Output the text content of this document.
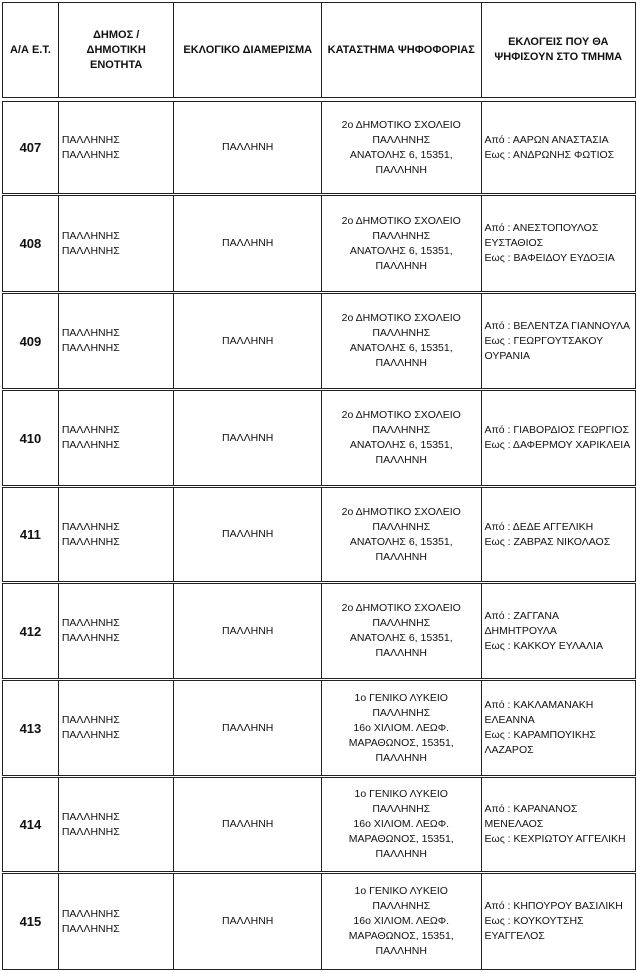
Α/Α Ε.Τ.
ΔΗΜΟΣ / ΔΗΜΟΤΙΚΗ ΕΝΟΤΗΤΑ
ΕΚΛΟΓΙΚΟ ΔΙΑΜΕΡΙΣΜΑ	ΚΑΤΑΣΤΗΜΑ ΨΗΦΟΦΟΡΙΑΣ
ΕΚΛΟΓΕΙΣ ΠΟΥ ΘΑ ΨΗΦΙΣΟΥΝ ΣΤΟ ΤΜΗΜΑ
407
ΠΑΛΛΗΝΗΣ
ΠΑΛΛΗΝΗΣ
ΠΑΛΛΗΝΗ
2ο ΔΗΜΟΤΙΚΟ ΣΧΟΛΕΙΟ
ΠΑΛΛΗΝΗΣ
ΑΝΑΤΟΛΗΣ 6, 15351,
ΠΑΛΛΗΝΗ
Από : ΑΑΡΩΝ ΑΝΑΣΤΑΣΙΑ
Εως : ΑΝΔΡΩΝΗΣ ΦΩΤΙΟΣ
408
ΠΑΛΛΗΝΗΣ
ΠΑΛΛΗΝΗΣ
ΠΑΛΛΗΝΗ
2ο ΔΗΜΟΤΙΚΟ ΣΧΟΛΕΙΟ
ΠΑΛΛΗΝΗΣ
ΑΝΑΤΟΛΗΣ 6, 15351,
ΠΑΛΛΗΝΗ
Από : ΑΝΕΣΤΟΠΟΥΛΟΣ
ΕΥΣΤΑΘΙΟΣ
Εως : ΒΑΦΕΙΔΟΥ ΕΥΔΟΞΙΑ
409
ΠΑΛΛΗΝΗΣ
ΠΑΛΛΗΝΗΣ
ΠΑΛΛΗΝΗ
2ο ΔΗΜΟΤΙΚΟ ΣΧΟΛΕΙΟ
ΠΑΛΛΗΝΗΣ
ΑΝΑΤΟΛΗΣ 6, 15351,
ΠΑΛΛΗΝΗ
Από : ΒΕΛΕΝΤΖΑ ΓΙΑΝΝΟΥΛΑ
Εως : ΓΕΩΡΓΟΥΤΣΑΚΟΥ
ΟΥΡΑΝΙΑ
410
ΠΑΛΛΗΝΗΣ
ΠΑΛΛΗΝΗΣ
ΠΑΛΛΗΝΗ
2ο ΔΗΜΟΤΙΚΟ ΣΧΟΛΕΙΟ
ΠΑΛΛΗΝΗΣ
ΑΝΑΤΟΛΗΣ 6, 15351,
ΠΑΛΛΗΝΗ
Από : ΓΙΑΒΟΡΔΙΟΣ ΓΕΩΡΓΙΟΣ
Εως : ΔΑΦΕΡΜΟΥ ΧΑΡΙΚΛΕΙΑ
411
ΠΑΛΛΗΝΗΣ
ΠΑΛΛΗΝΗΣ
ΠΑΛΛΗΝΗ
2ο ΔΗΜΟΤΙΚΟ ΣΧΟΛΕΙΟ
ΠΑΛΛΗΝΗΣ
ΑΝΑΤΟΛΗΣ 6, 15351,
ΠΑΛΛΗΝΗ
Από : ΔΕΔΕ ΑΓΓΕΛΙΚΗ
Εως : ΖΑΒΡΑΣ ΝΙΚΟΛΑΟΣ
412
ΠΑΛΛΗΝΗΣ
ΠΑΛΛΗΝΗΣ
ΠΑΛΛΗΝΗ
2ο ΔΗΜΟΤΙΚΟ ΣΧΟΛΕΙΟ
ΠΑΛΛΗΝΗΣ
ΑΝΑΤΟΛΗΣ 6, 15351,
ΠΑΛΛΗΝΗ
Από : ΖΑΓΓΑΝΑ
ΔΗΜΗΤΡΟΥΛΑ
Εως : ΚΑΚΚΟΥ ΕΥΛΑΛΙΑ
413
ΠΑΛΛΗΝΗΣ
ΠΑΛΛΗΝΗΣ
ΠΑΛΛΗΝΗ
1ο ΓΕΝΙΚΟ ΛΥΚΕΙΟ
ΠΑΛΛΗΝΗΣ
16ο ΧΙΛΙΟΜ. ΛΕΩΦ.
ΜΑΡΑΘΩΝΟΣ, 15351,
ΠΑΛΛΗΝΗ
Από : ΚΑΚΛΑΜΑΝΑΚΗ
ΕΛΕΑΝΝΑ
Εως : ΚΑΡΑΜΠΟΥΙΚΗΣ
ΛΑΖΑΡΟΣ
414
ΠΑΛΛΗΝΗΣ
ΠΑΛΛΗΝΗΣ
ΠΑΛΛΗΝΗ
1ο ΓΕΝΙΚΟ ΛΥΚΕΙΟ
ΠΑΛΛΗΝΗΣ
16ο ΧΙΛΙΟΜ. ΛΕΩΦ.
ΜΑΡΑΘΩΝΟΣ, 15351,
ΠΑΛΛΗΝΗ
Από : ΚΑΡΑΝΑΝΟΣ
ΜΕΝΕΛΑΟΣ
Εως : ΚΕΧΡΙΩΤΟΥ ΑΓΓΕΛΙΚΗ
415
ΠΑΛΛΗΝΗΣ
ΠΑΛΛΗΝΗΣ
ΠΑΛΛΗΝΗ
1ο ΓΕΝΙΚΟ ΛΥΚΕΙΟ
ΠΑΛΛΗΝΗΣ
16ο ΧΙΛΙΟΜ. ΛΕΩΦ.
ΜΑΡΑΘΩΝΟΣ, 15351,
ΠΑΛΛΗΝΗ
Από : ΚΗΠΟΥΡΟΥ ΒΑΣΙΛΙΚΗ
Εως : ΚΟΥΚΟΥΤΣΗΣ
ΕΥΑΓΓΕΛΟΣ
